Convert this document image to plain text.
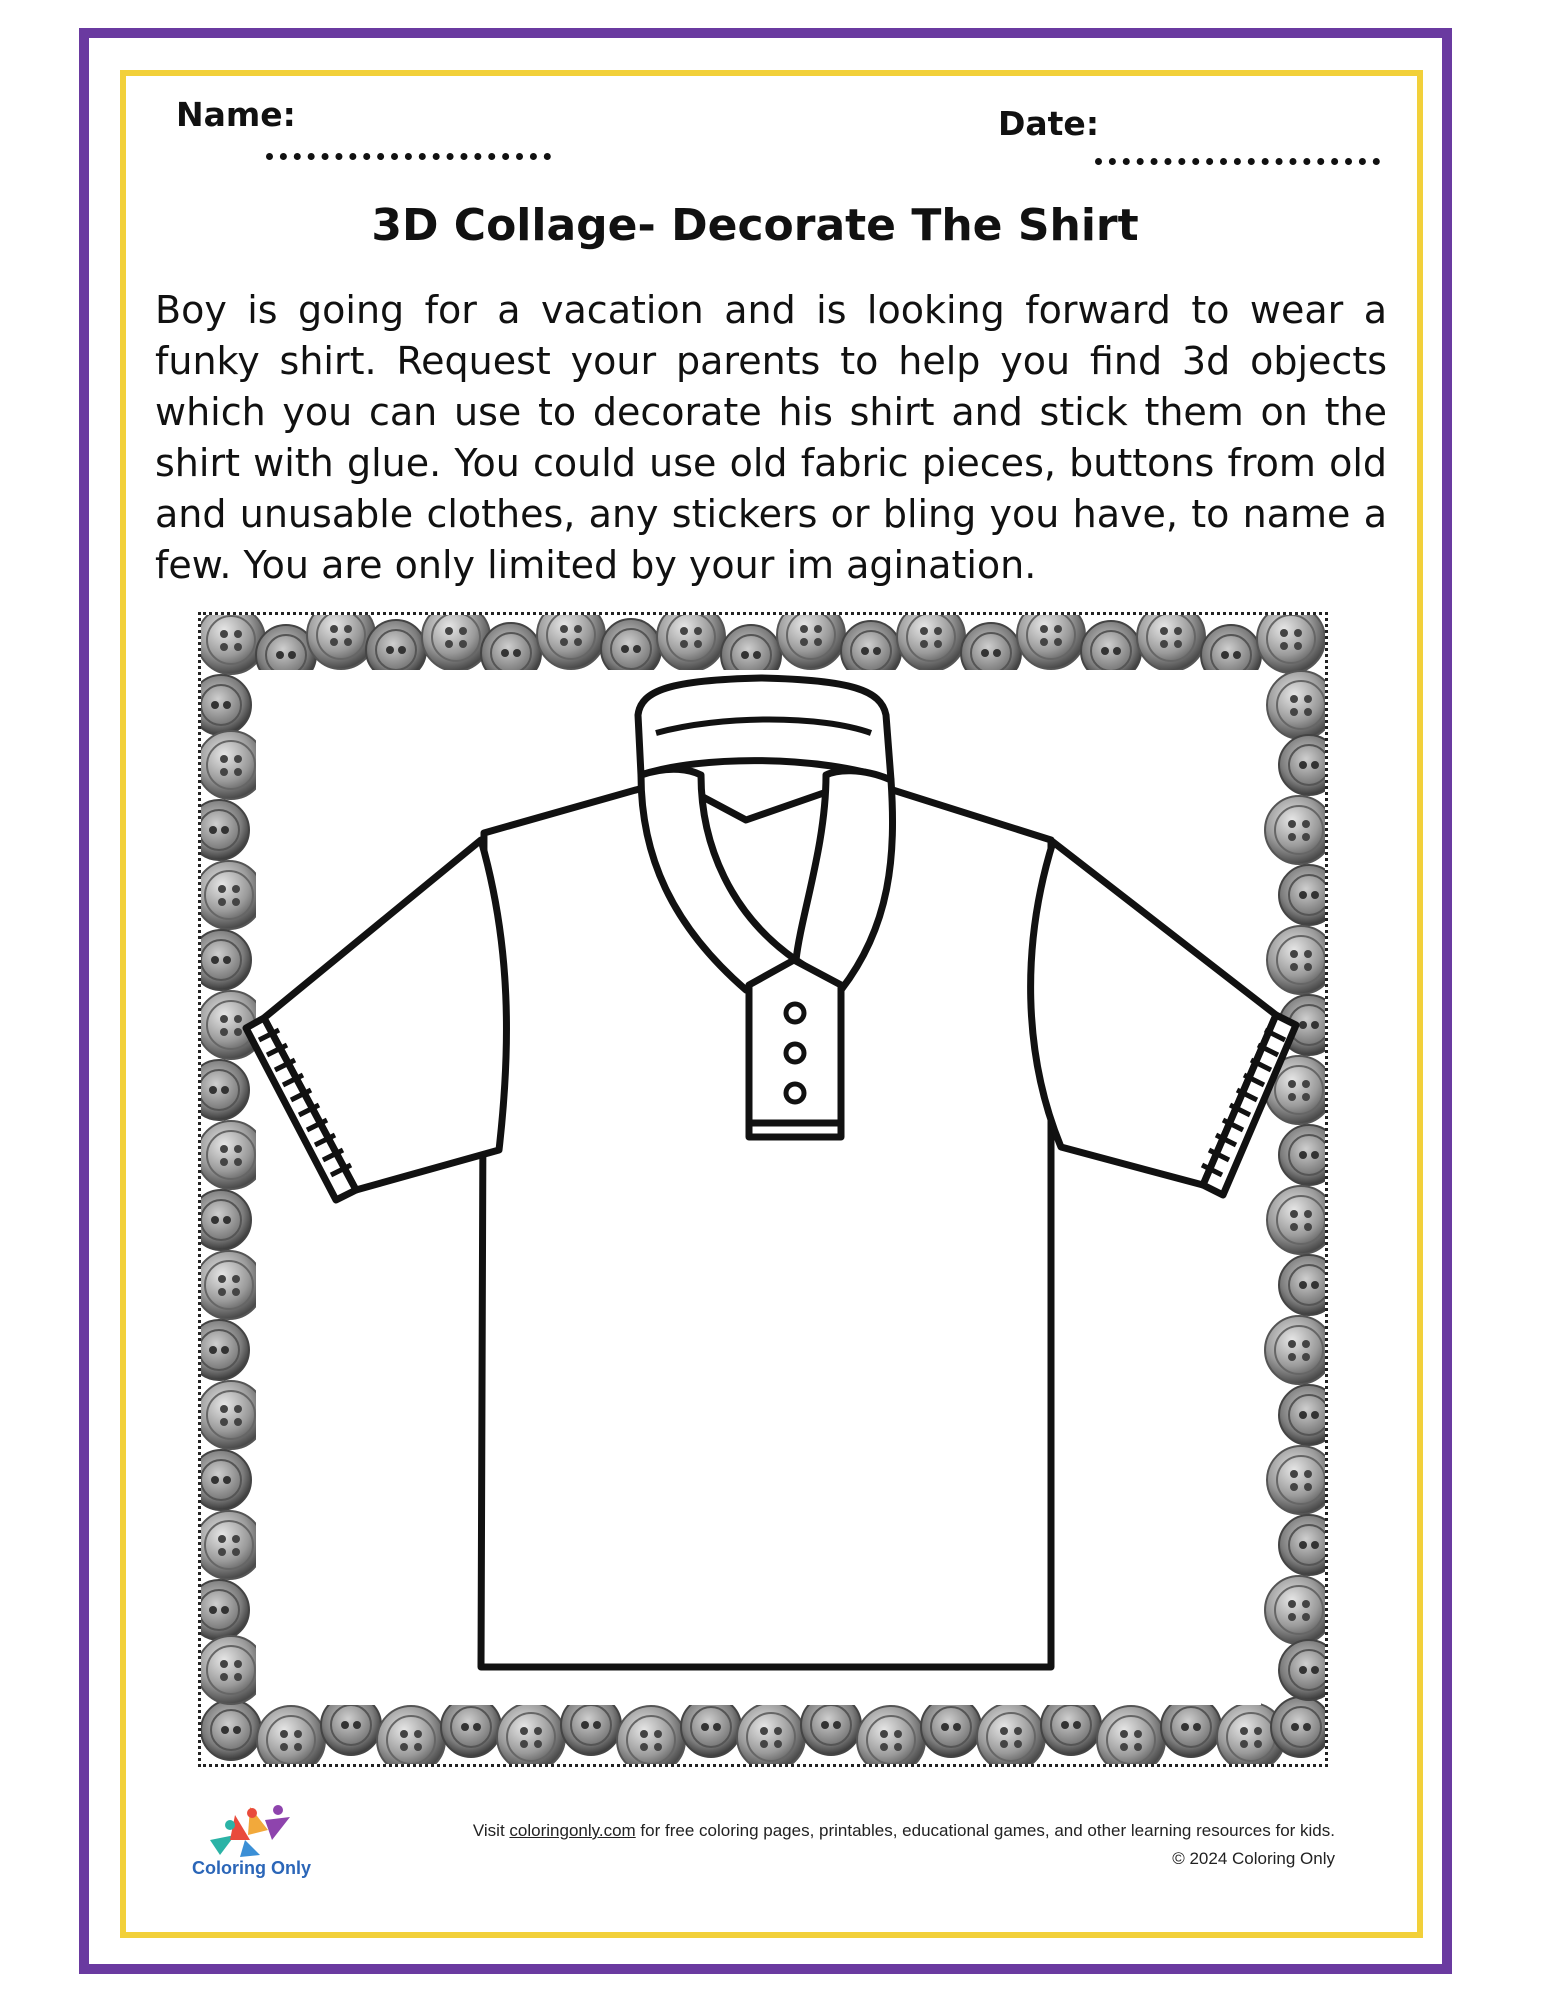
Name:	Date:
3D Collage- Decorate The Shirt

Boy is going for a vacation and is looking forward to wear a funky shirt. Request your parents to help you find 3d objects which you can use to decorate his shirt and stick them on the shirt with glue. You could use old fabric pieces, buttons from old and unusable clothes, any stickers or bling you have, to name a few. You are only limited by your im agination.

Coloring Only
Visit coloringonly.com for free coloring pages, printables, educational games, and other learning resources for kids.
© 2024 Coloring Only
